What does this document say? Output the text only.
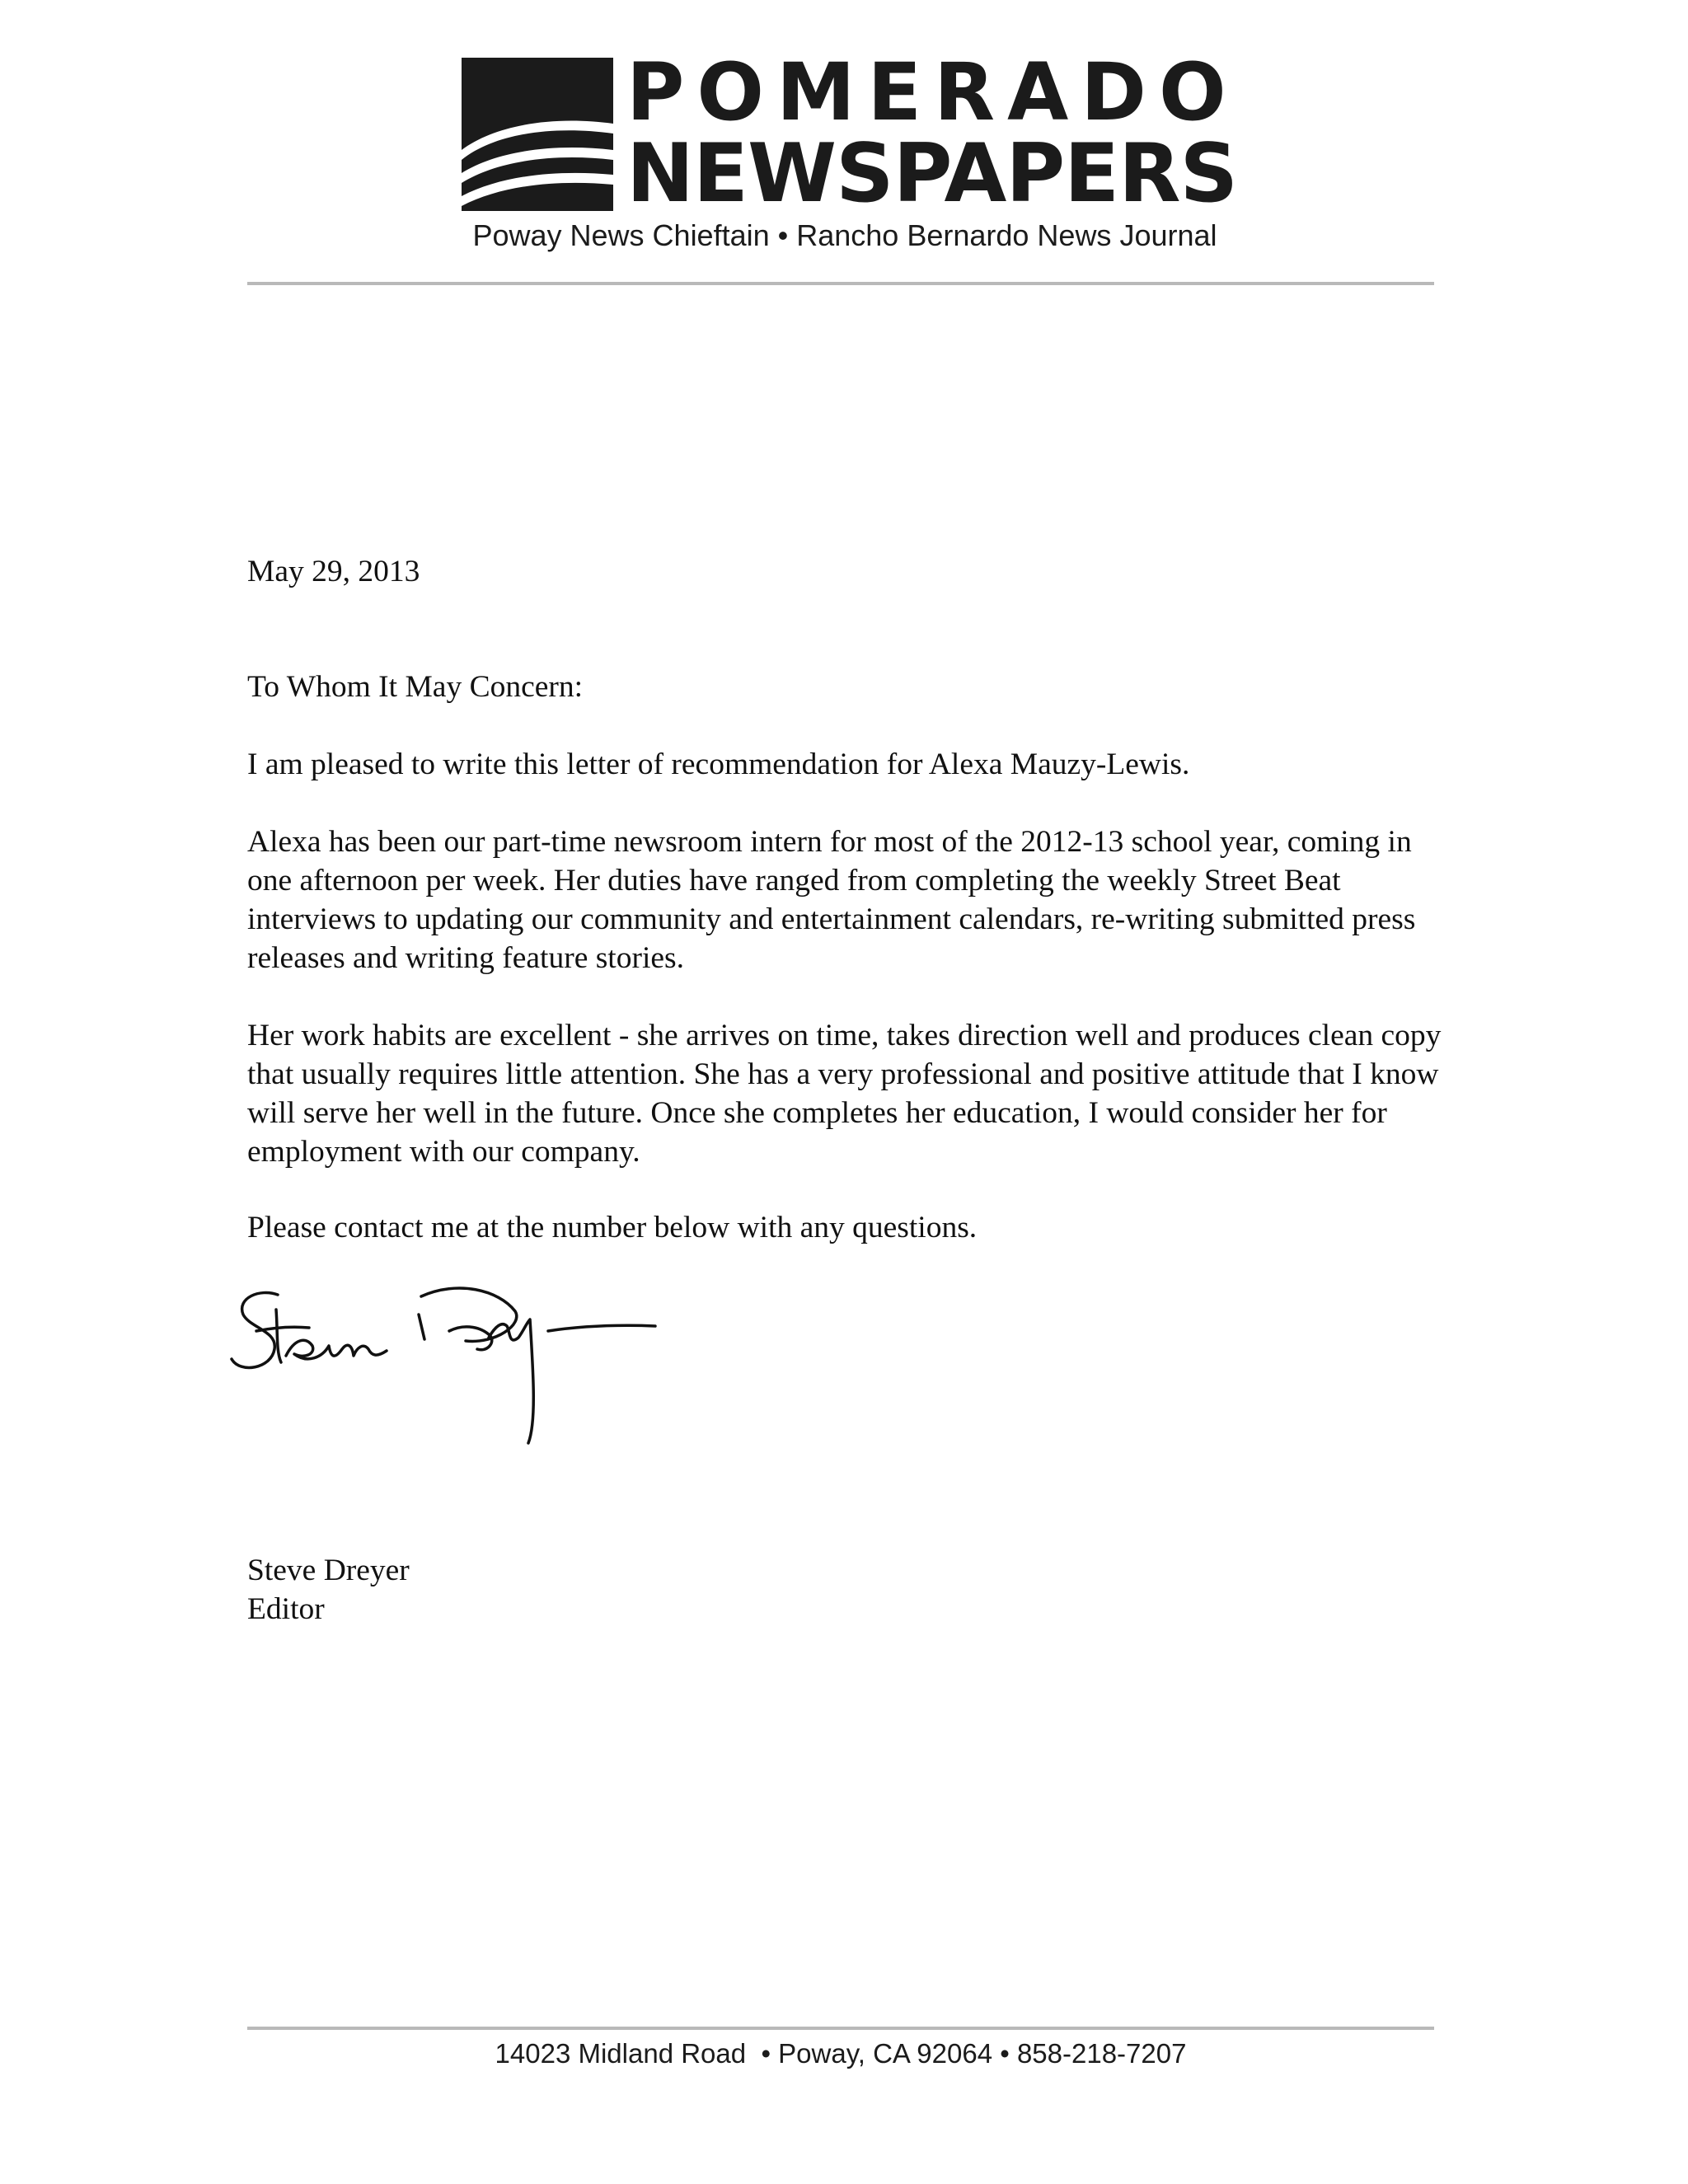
POMERADO
NEWSPAPERS
Poway News Chieftain • Rancho Bernardo News Journal

May 29, 2013

To Whom It May Concern:

I am pleased to write this letter of recommendation for Alexa Mauzy-Lewis.

Alexa has been our part-time newsroom intern for most of the 2012-13 school year, coming in one afternoon per week. Her duties have ranged from completing the weekly Street Beat interviews to updating our community and entertainment calendars, re-writing submitted press releases and writing feature stories.

Her work habits are excellent - she arrives on time, takes direction well and produces clean copy that usually requires little attention. She has a very professional and positive attitude that I know will serve her well in the future. Once she completes her education, I would consider her for employment with our company.

Please contact me at the number below with any questions.

Steve Dreyer

Editor

14023 Midland Road  • Poway, CA 92064 • 858-218-7207
